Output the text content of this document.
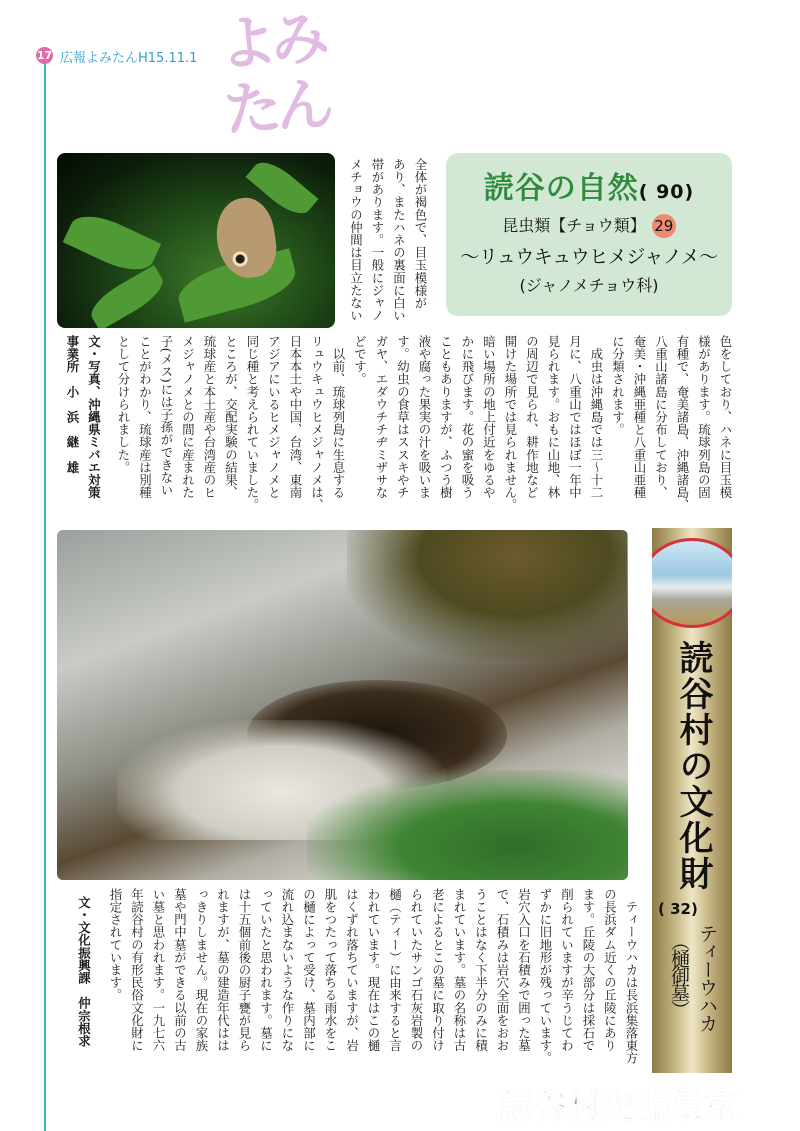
17 広報よみたんH15.11.1 よみたん
全体が褐色で、目玉模様が
あり、またハネの裏面に白い
帯があります。一般にジャノ
メチョウの仲間は目立たない	読谷の自然( 90)
昆虫類【チョウ類】 29
〜リュウキュウヒメジャノメ〜
(ジャノメチョウ科)
色をしており、ハネに目玉模
様があります。琉球列島の固
有種で、奄美諸島、沖縄諸島、
八重山諸島に分布しており、
奄美・沖縄亜種と八重山亜種
に分類されます。
　成虫は沖縄島では三〜十二
月に、八重山ではほぼ一年中
見られます。おもに山地、林
の周辺で見られ、耕作地など
開けた場所では見られません。
暗い場所の地上付近をゆるや
かに飛びます。花の蜜を吸う
こともありますが、ふつう樹
液や腐った果実の汁を吸いま
す。幼虫の食草はススキやチ
ガヤ、エダウチチヂミザサな
どです。
　以前、琉球列島に生息する
リュウキュウヒメジャノメは、
日本本土や中国、台湾、東南
アジアにいるヒメジャノメと
同じ種と考えられていました。
ところが、交配実験の結果、
琉球産と本土産や台湾産のヒ
メジャノメとの間に産まれた
子(メス)には子孫ができない
ことがわかり、琉球産は別種
として分けられました。
文・写真、沖縄県ミバエ対策
事業所　小　浜　継　雄
読谷村の文化財
( 32)
ティーウハカ
（樋御墓）
　ティーウハカは長浜集落東方
の長浜ダム近くの丘陵にあり
ます。丘陵の大部分は採石で
削られていますが辛うじてわ
ずかに旧地形が残っています。
岩穴入口を石積みで囲った墓
で、石積みは岩穴全面をおお
うことはなく下半分のみに積
まれています。墓の名称は古
老によるとこの墓に取り付け
られていたサンゴ石灰岩製の
樋（ティー）に由来すると言
われています。現在はこの樋
はくずれ落ちていますが、岩
肌をつたって落ちる雨水をこ
の樋によって受け、墓内部に
流れ込まないような作りにな
っていたと思われます。墓に
は十五個前後の厨子甕が見ら
れますが、墓の建造年代はは
っきりしません。現在の家族
墓や門中墓ができる以前の古
い墓と思われます。一九七六
年読谷村の有形民俗文化財に
指定されています。
文・文化振興課　仲宗根求
読谷村史編集室
